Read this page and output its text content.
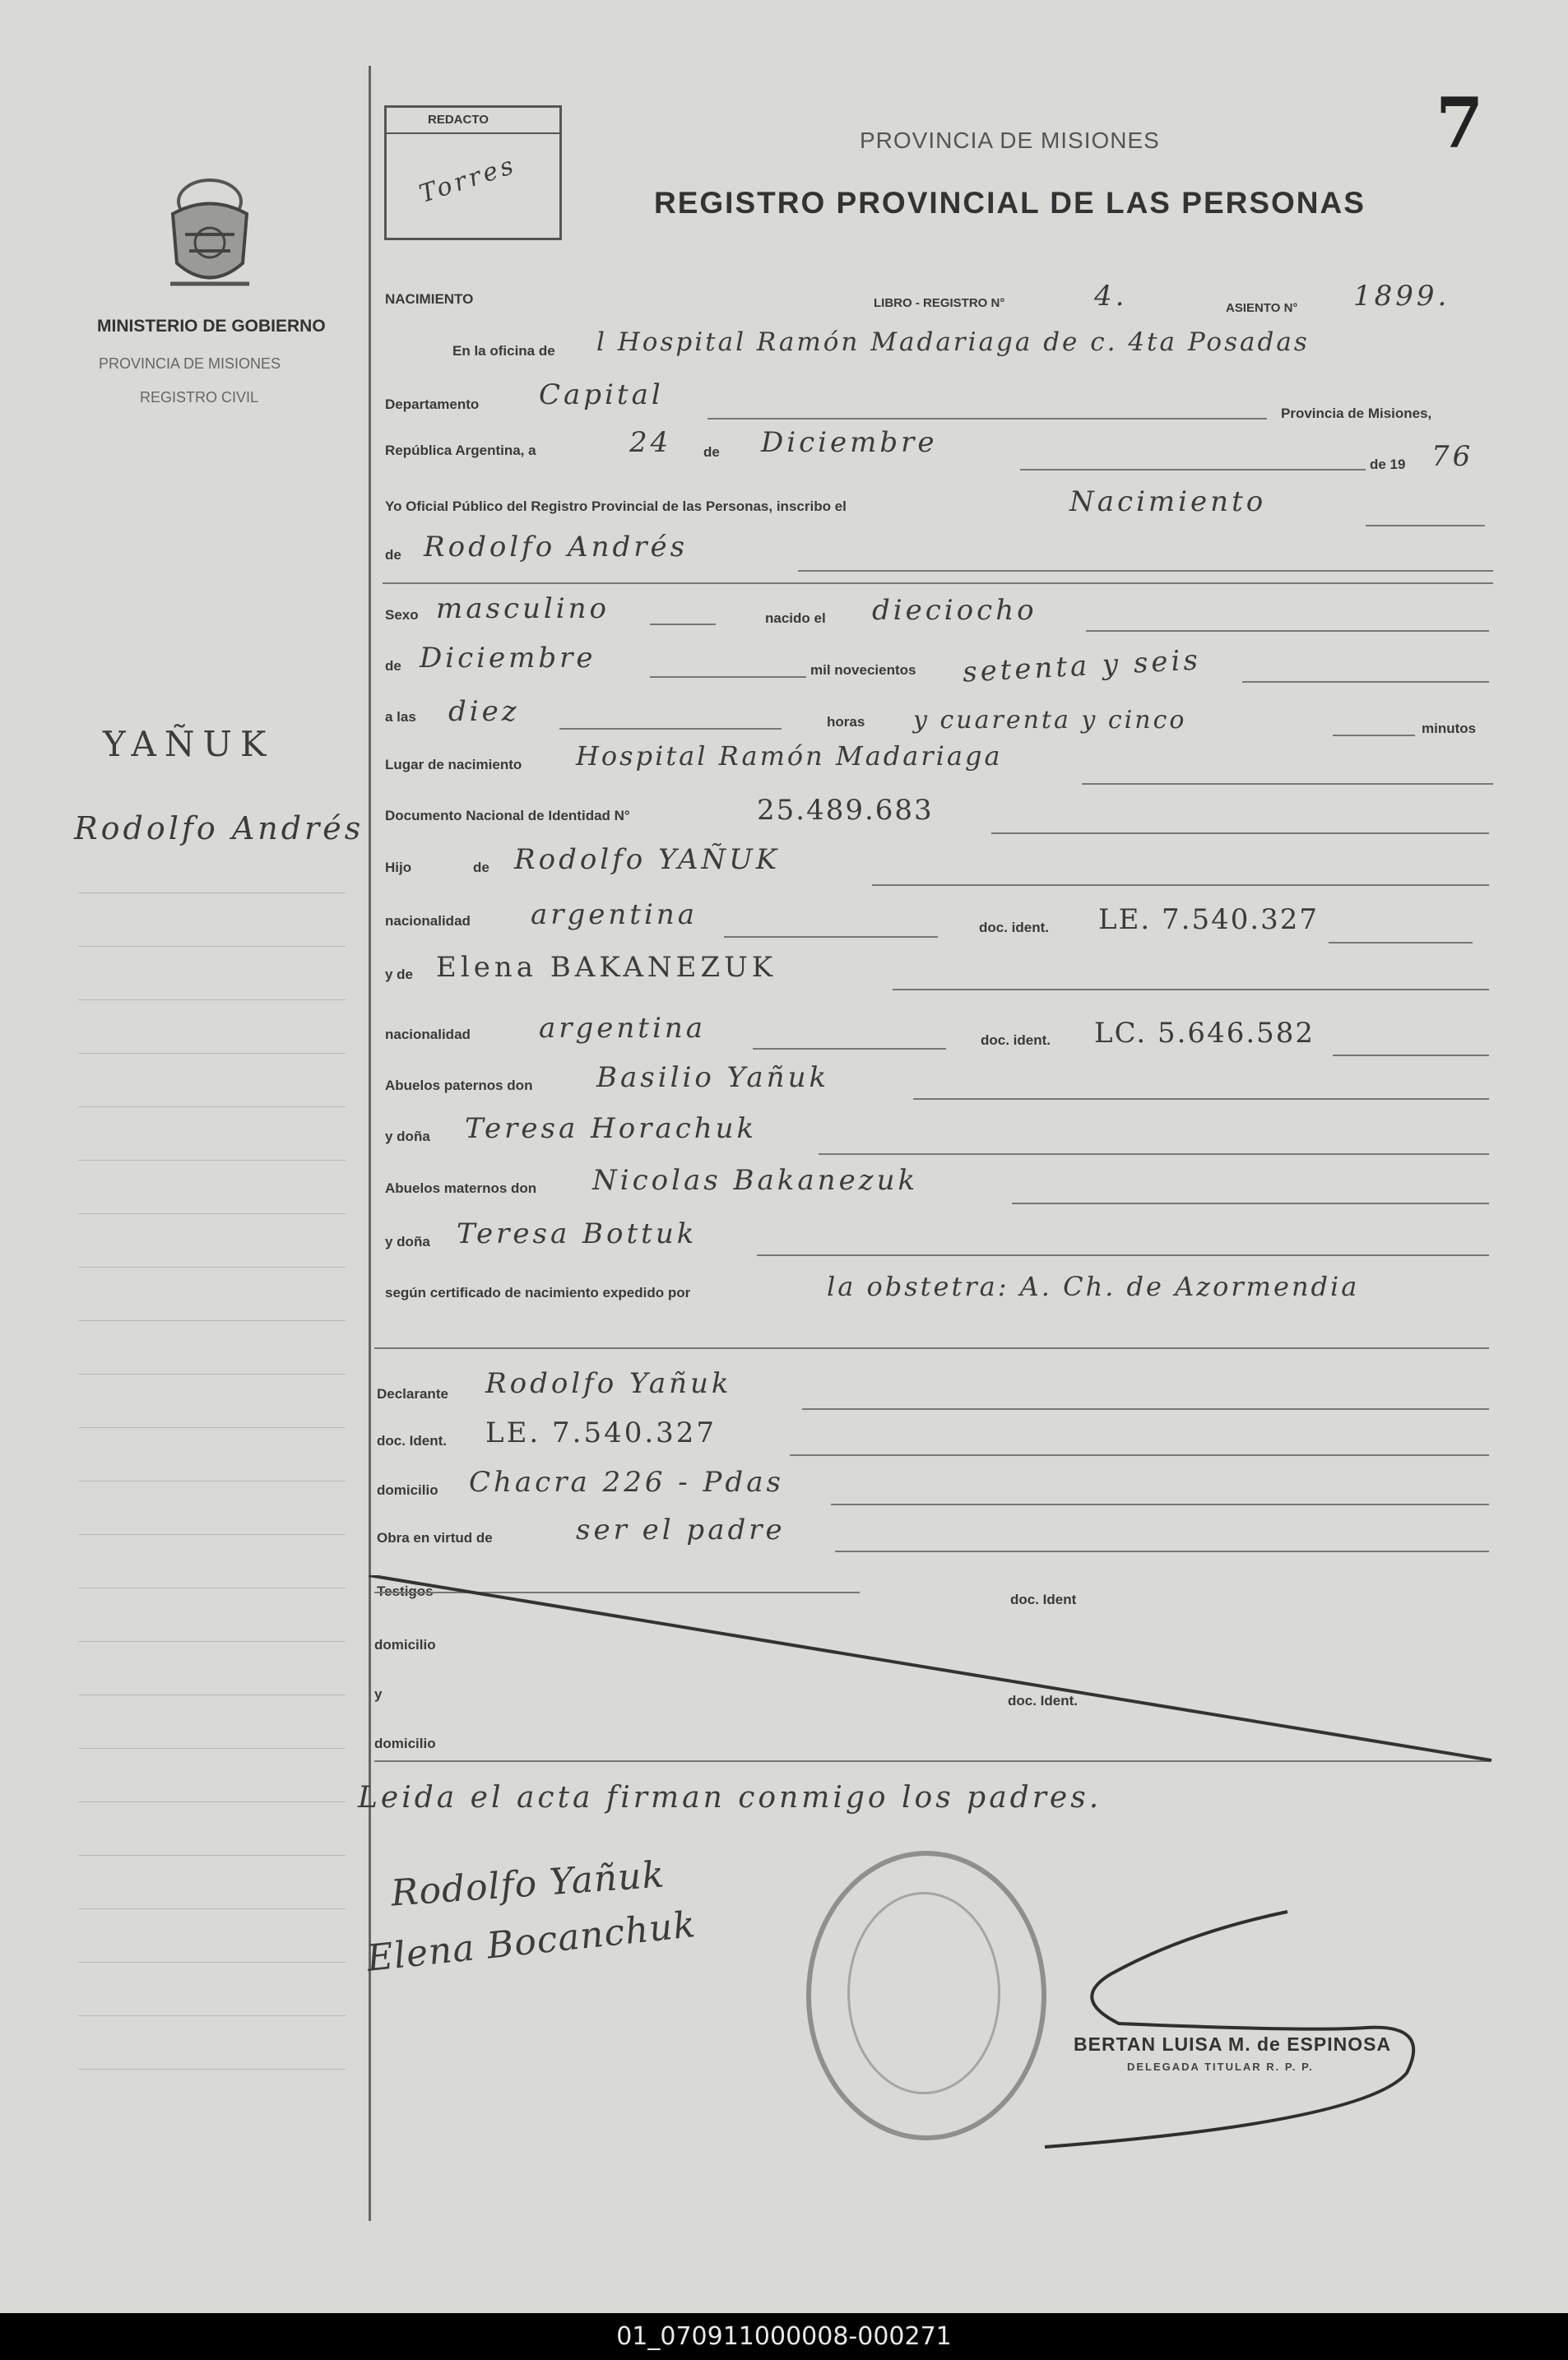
7
REDACTO
Torres
PROVINCIA DE MISIONES
REGISTRO PROVINCIAL DE LAS PERSONAS
MINISTERIO DE GOBIERNO
PROVINCIA DE MISIONES
REGISTRO CIVIL
YAÑUK
Rodolfo Andrés
NACIMIENTO	LIBRO - REGISTRO N°	4.	ASIENTO N° 1899.
En la oficina de l Hospital Ramón Madariaga de c. 4ta Posadas
Departamento Capital
Provincia de Misiones,
República Argentina, a	24 de Diciembre
de 19 76
Yo Oficial Público del Registro Provincial de las Personas, inscribo el	Nacimiento
de Rodolfo Andrés
Sexo masculino	nacido el dieciocho
de Diciembre	mil novecientos setenta y seis
a las diez	horas y cuarenta y cinco	minutos
Lugar de nacimiento Hospital Ramón Madariaga
Documento Nacional de Identidad N°	25.489.683
Hijo	de Rodolfo YAÑUK
nacionalidad argentina	doc. ident. LE. 7.540.327
y de Elena BAKANEZUK
nacionalidad argentina	doc. ident. LC. 5.646.582
Abuelos paternos don Basilio Yañuk
y doña Teresa Horachuk
Abuelos maternos don Nicolas Bakanezuk
y doña Teresa Bottuk
según certificado de nacimiento expedido por	la obstetra: A. Ch. de Azormendia
Declarante Rodolfo Yañuk
doc. Ident. LE. 7.540.327
domicilio Chacra 226 - Pdas
Obra en virtud de	ser el padre
doc. Ident
domicilio
y	doc. Ident.
domicilio
Leida el acta firman conmigo los padres.
Rodolfo Yañuk
Elena Bocanchuk
BERTAN LUISA M. de ESPINOSA
DELEGADA TITULAR R. P. P.
01_070911000008-000271
